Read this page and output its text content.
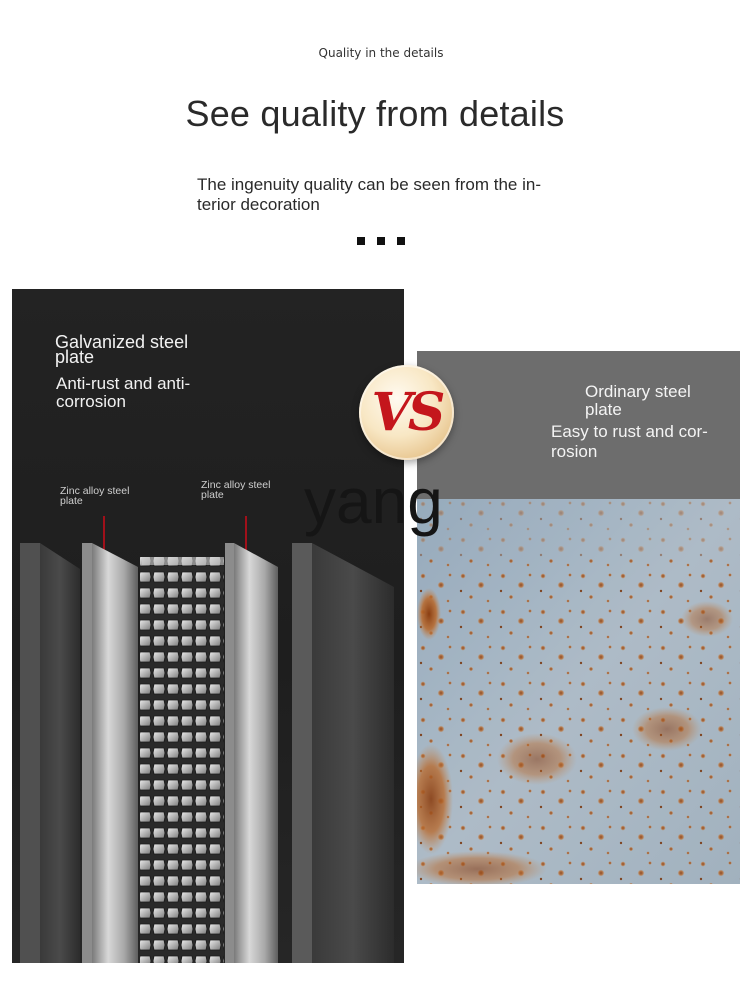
Quality in the details
See quality from details
The ingenuity quality can be seen from the in-terior decoration
Galvanized steel plate
Anti-rust and anti-corrosion
Zinc alloy steel plate
Zinc alloy steel plate
Ordinary steel plate
Easy to rust and cor-rosion
VS
yang
